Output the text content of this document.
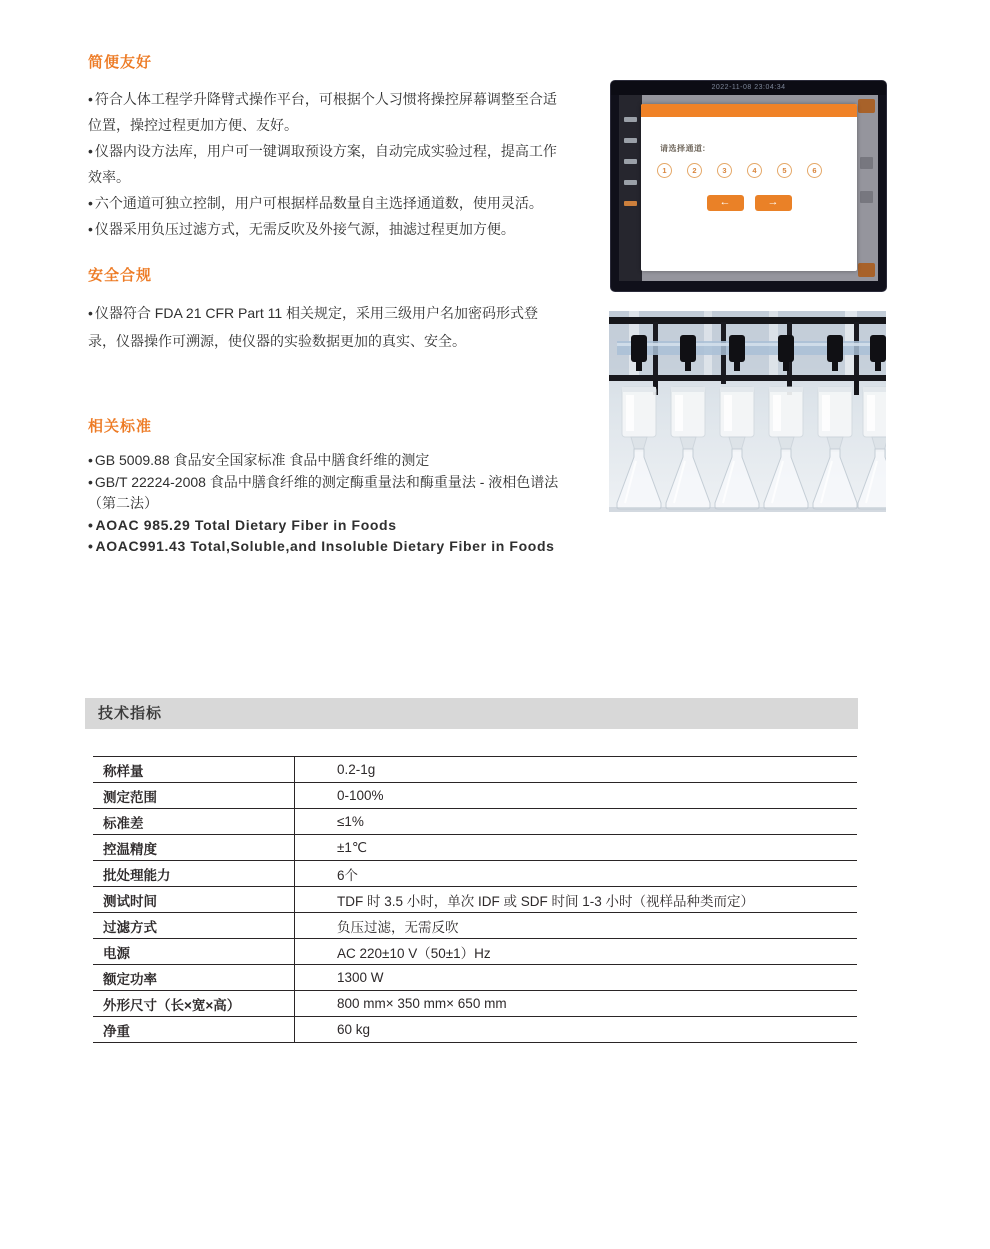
简便友好

• 符合人体工程学升降臂式操作平台，可根据个人习惯将操控屏幕调整至合适位置，操控过程更加方便、友好。

• 仪器内设方法库，用户可一键调取预设方案，自动完成实验过程，提高工作效率。

• 六个通道可独立控制，用户可根据样品数量自主选择通道数，使用灵活。

• 仪器采用负压过滤方式，无需反吹及外接气源，抽滤过程更加方便。

2022-11-08 23:04:34
请选择通道:
1	2	3	4	5	6
←	→
安全合规

• 仪器符合 FDA 21 CFR Part 11 相关规定，采用三级用户名加密码形式登录，仪器操作可溯源，使仪器的实验数据更加的真实、安全。

相关标准

• GB 5009.88 食品安全国家标准 食品中膳食纤维的测定

• GB/T 22224-2008 食品中膳食纤维的测定酶重量法和酶重量法 - 液相色谱法（第二法）

• AOAC 985.29 Total Dietary Fiber in Foods

• AOAC991.43 Total,Soluble,and Insoluble Dietary Fiber in Foods

技术指标
称样量	0.2-1g
测定范围	0-100%
标准差	≤1%
控温精度	±1℃
批处理能力	6个
测试时间	TDF 时 3.5 小时，单次 IDF 或 SDF 时间 1-3 小时（视样品种类而定）
过滤方式	负压过滤，无需反吹
电源	AC 220±10 V（50±1）Hz
额定功率	1300 W
外形尺寸（长×宽×高）	800 mm× 350 mm× 650 mm
净重	60 kg
